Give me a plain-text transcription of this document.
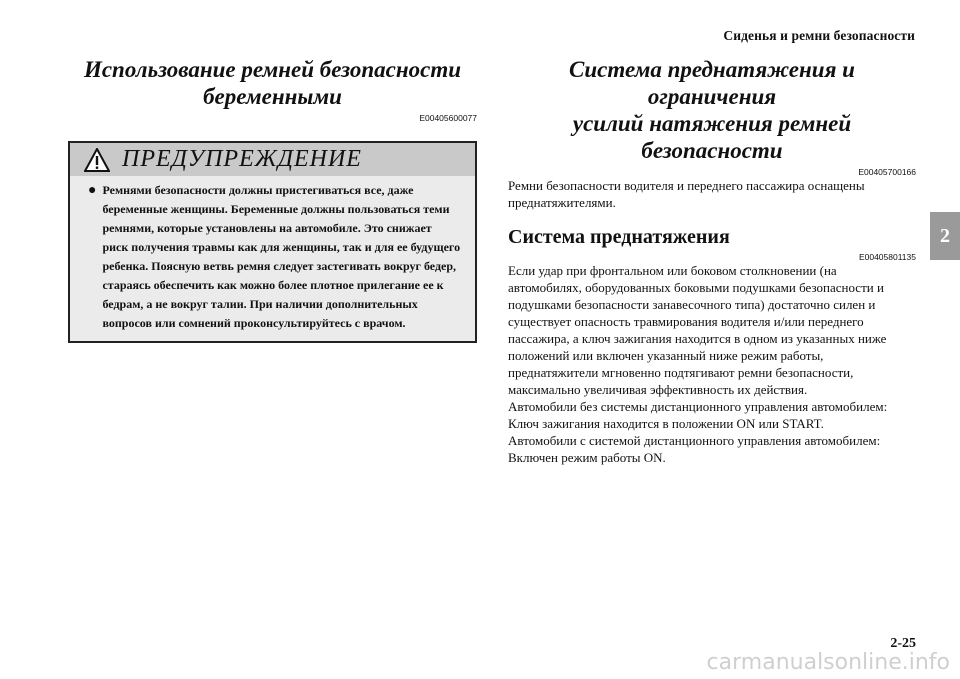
Сиденья и ремни безопасности
2
Использование ремней безопасности
беременными
E00405600077
ПРЕДУПРЕЖДЕНИЕ
● Ремнями безопасности должны пристегиваться все, даже
беременные женщины. Беременные должны пользоваться теми
ремнями, которые установлены на автомобиле. Это снижает
риск получения травмы как для женщины, так и для ее будущего
ребенка. Поясную ветвь ремня следует застегивать вокруг бедер,
стараясь обеспечить как можно более плотное прилегание ее к
бедрам, а не вокруг талии. При наличии дополнительных
вопросов или сомнений проконсультируйтесь с врачом.
Система преднатяжения и ограничения
усилий натяжения ремней безопасности
E00405700166

Ремни безопасности водителя и переднего пассажира оснащены
преднатяжителями.

Система преднатяжения
E00405801135

Если удар при фронтальном или боковом столкновении (на
автомобилях, оборудованных боковыми подушками безопасности и
подушками безопасности занавесочного типа) достаточно силен и
существует опасность травмирования водителя и/или переднего
пассажира, а ключ зажигания находится в одном из указанных ниже
положений или включен указанный ниже режим работы,
преднатяжители мгновенно подтягивают ремни безопасности,
максимально увеличивая эффективность их действия.
Автомобили без системы дистанционного управления автомобилем:
Ключ зажигания находится в положении ON или START.
Автомобили с системой дистанционного управления автомобилем:
Включен режим работы ON.

2-25
carmanualsonline.info
